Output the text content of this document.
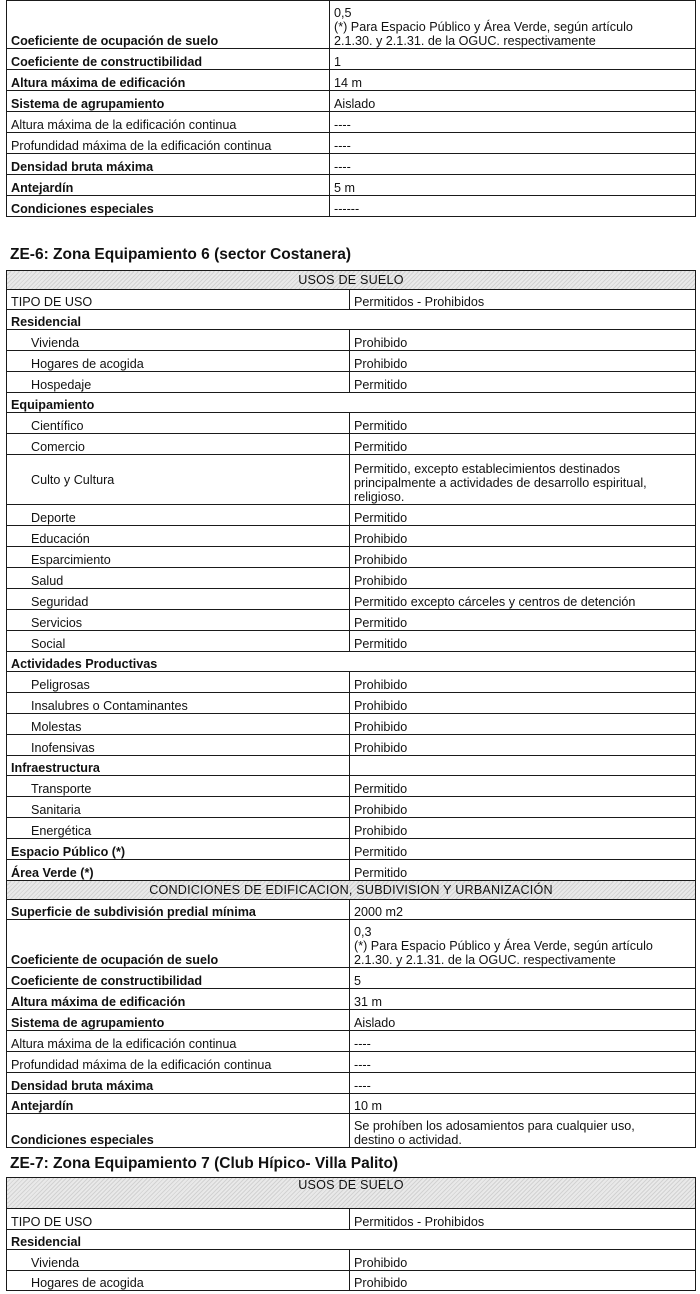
Coeficiente de ocupación de suelo	0,5
(*) Para Espacio Público y Área Verde, según artículo
2.1.30. y 2.1.31. de la OGUC. respectivamente

Coeficiente de constructibilidad	1
Altura máxima de edificación	14 m
Sistema de agrupamiento	Aislado
Altura máxima de la edificación continua	----
Profundidad máxima de la edificación continua	----
Densidad bruta máxima	----
Antejardín	5 m
Condiciones especiales	------
ZE-6: Zona Equipamiento 6 (sector Costanera)
USOS DE SUELO	
TIPO DE USO	Permitidos - Prohibidos
Residencial	
Vivienda	Prohibido
Hogares de acogida	Prohibido
Hospedaje	Permitido
Equipamiento	
Científico	Permitido
Comercio	Permitido
Culto y Cultura	Permitido, excepto establecimientos destinados principalmente a actividades de desarrollo espiritual, religioso.
Deporte	Permitido
Educación	Prohibido
Esparcimiento	Prohibido
Salud	Prohibido
Seguridad	Permitido excepto cárceles y centros de detención
Servicios	Permitido
Social	Permitido
Actividades Productivas	
Peligrosas	Prohibido
Insalubres o Contaminantes	Prohibido
Molestas	Prohibido
Inofensivas	Prohibido
Infraestructura	
Transporte	Permitido
Sanitaria	Prohibido
Energética	Prohibido
Espacio Público (*)	Permitido
Área Verde (*)	Permitido
CONDICIONES DE EDIFICACION, SUBDIVISION Y URBANIZACIÓN	
Superficie de subdivisión predial mínima	2000 m2
Coeficiente de ocupación de suelo	0,3
(*) Para Espacio Público y Área Verde, según artículo
2.1.30. y 2.1.31. de la OGUC. respectivamente

Coeficiente de constructibilidad	5
Altura máxima de edificación	31 m
Sistema de agrupamiento	Aislado
Altura máxima de la edificación continua	----
Profundidad máxima de la edificación continua	----
Densidad bruta máxima	----
Antejardín	10 m
Condiciones especiales	Se prohíben los adosamientos para cualquier uso,
destino o actividad.
ZE-7: Zona Equipamiento 7 (Club Hípico- Villa Palito)
USOS DE SUELO	
TIPO DE USO	Permitidos - Prohibidos
Residencial	
Vivienda	Prohibido
Hogares de acogida	Prohibido
